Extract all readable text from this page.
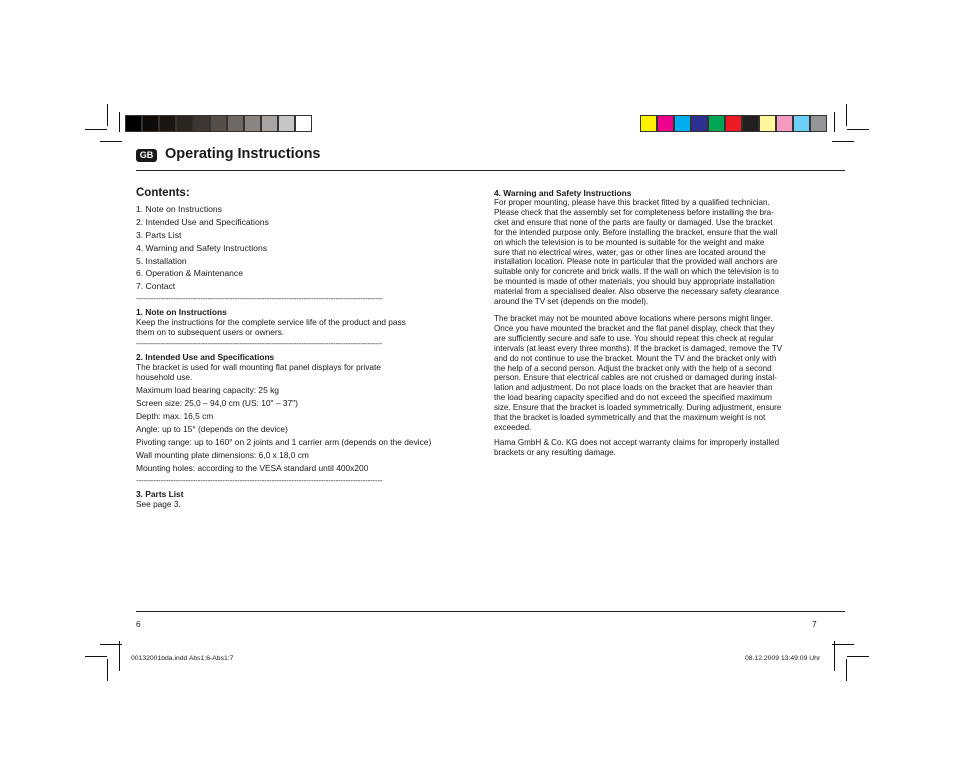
GB Operating Instructions
Contents:
1. Note on Instructions
2. Intended Use and Specifications
3. Parts List
4. Warning and Safety Instructions
5. Installation
6. Operation & Maintenance
7. Contact
----------------------------------------------------------------------------------------------------
1. Note on Instructions
Keep the instructions for the complete service life of the product and pass
them on to subsequent users or owners.
----------------------------------------------------------------------------------------------------
2. Intended Use and Specifications
The bracket is used for wall mounting flat panel displays for private
household use.
Maximum load bearing capacity: 25 kg
Screen size: 25,0 – 94,0 cm (US: 10" – 37")
Depth: max. 16,5 cm
Angle: up to 15° (depends on the device)
Pivoting range: up to 160° on 2 joints and 1 carrier arm (depends on the device)
Wall mounting plate dimensions: 6,0 x 18,0 cm
Mounting holes: according to the VESA standard until 400x200
----------------------------------------------------------------------------------------------------
3. Parts List
See page 3.
4. Warning and Safety Instructions
For proper mounting, please have this bracket fitted by a qualified technician.
Please check that the assembly set for completeness before installing the bra-
cket and ensure that none of the parts are faulty or damaged. Use the bracket
for the intended purpose only. Before installing the bracket, ensure that the wall
on which the television is to be mounted is suitable for the weight and make
sure that no electrical wires, water, gas or other lines are located around the
installation location. Please note in particular that the provided wall anchors are
suitable only for concrete and brick walls. If the wall on which the television is to
be mounted is made of other materials, you should buy appropriate installation
material from a specialised dealer. Also observe the necessary safety clearance
around the TV set (depends on the model).
The bracket may not be mounted above locations where persons might linger.
Once you have mounted the bracket and the flat panel display, check that they
are sufficiently secure and safe to use. You should repeat this check at regular
intervals (at least every three months). If the bracket is damaged, remove the TV
and do not continue to use the bracket. Mount the TV and the bracket only with
the help of a second person. Adjust the bracket only with the help of a second
person. Ensure that electrical cables are not crushed or damaged during instal-
lation and adjustment. Do not place loads on the bracket that are heavier than
the load bearing capacity specified and do not exceed the specified maximum
size. Ensure that the bracket is loaded symmetrically. During adjustment, ensure
that the bracket is loaded symmetrically and that the maximum weight is not
exceeded.
Hama GmbH & Co. KG does not accept warranty claims for improperly installed
brackets or any resulting damage.
6	7
00132001bda.indd Abs1:6-Abs1:7	08.12.2009 13:49:09 Uhr
